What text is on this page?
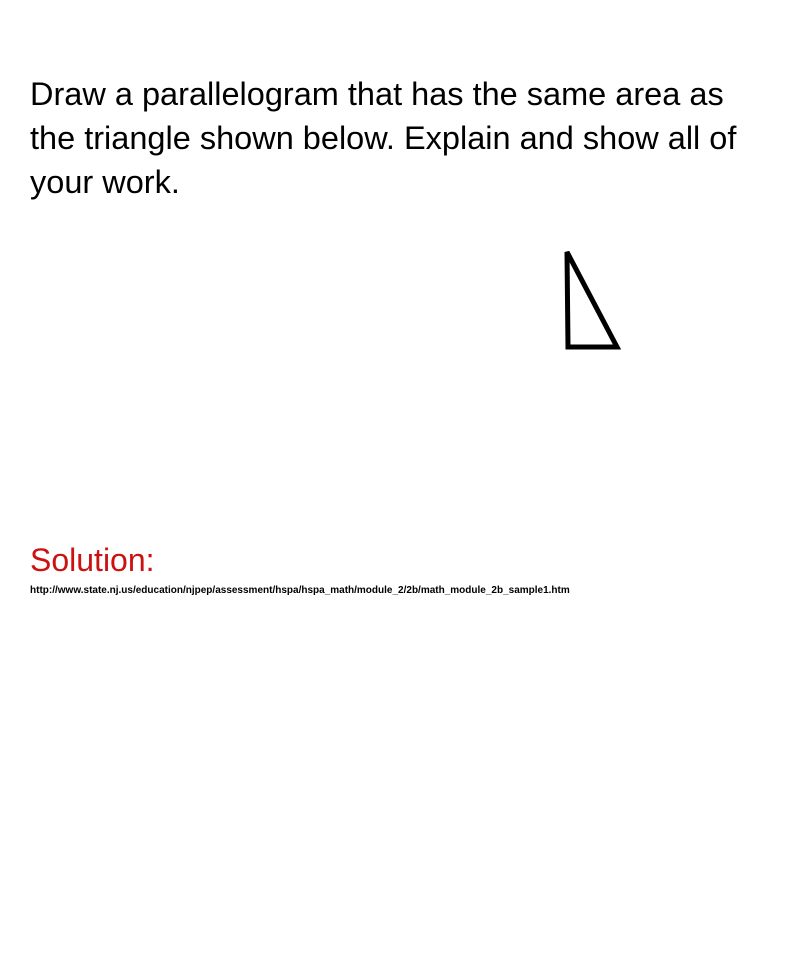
Draw a parallelogram that has the same area as the triangle shown below. Explain and show all of your work.

Solution:

http://www.state.nj.us/education/njpep/assessment/hspa/hspa_math/module_2/2b/math_module_2b_sample1.htm
